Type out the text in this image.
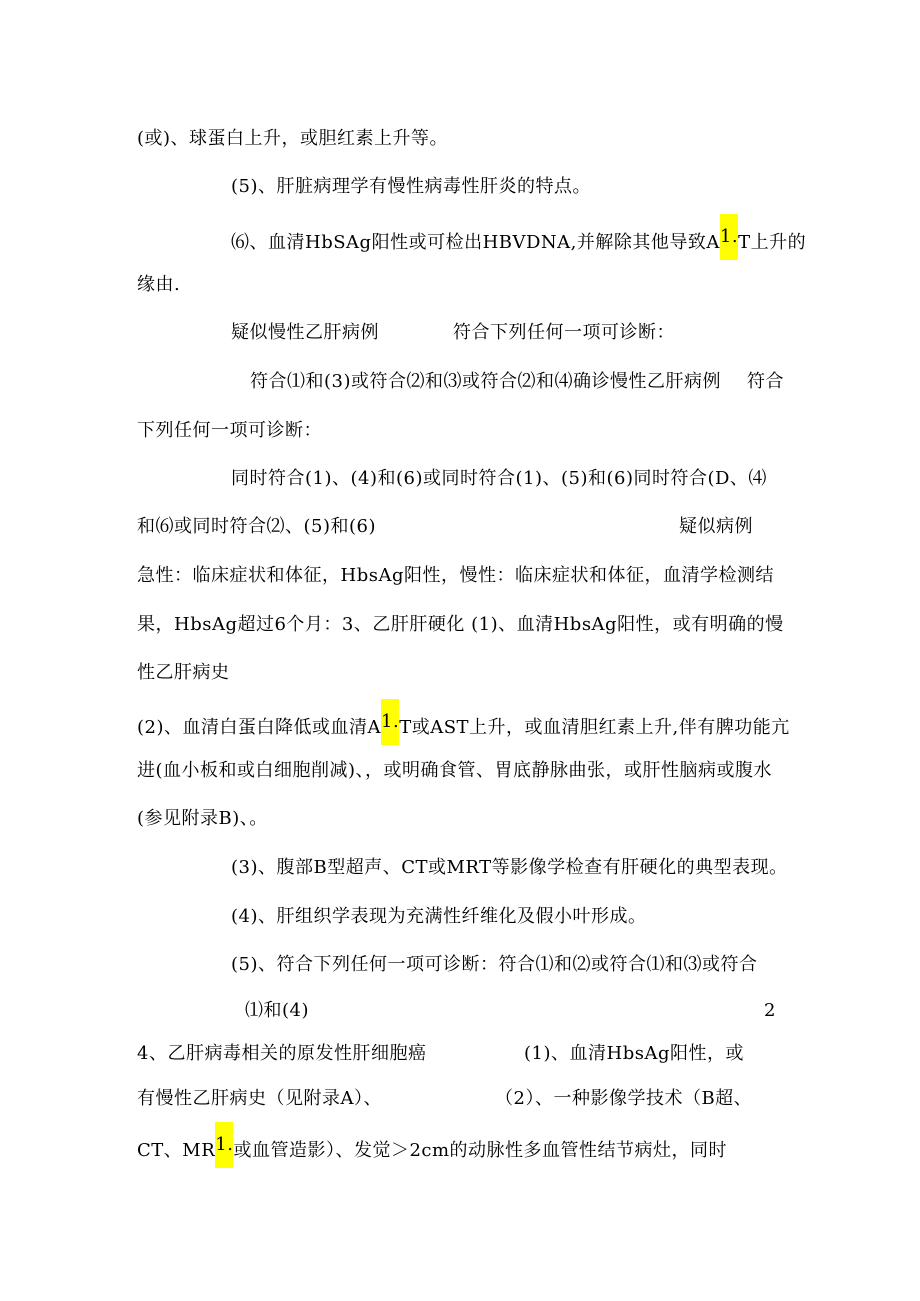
(或)、球蛋白上升，或胆红素上升等。
(5)、肝脏病理学有慢性病毒性肝炎的特点。
⑹、血清HbSAg阳性或可检出HBVDNA,并解除其他导致A1.T上升的
缘由.
疑似慢性乙肝病例	符合下列任何一项可诊断：
符合⑴和(3)或符合⑵和⑶或符合⑵和⑷确诊慢性乙肝病例 符合
下列任何一项可诊断：
同时符合(1)、(4)和(6)或同时符合(1)、(5)和(6)同时符合(D、⑷
和⑹或同时符合⑵、(5)和(6)	疑似病例
急性：临床症状和体征，HbsAg阳性，慢性：临床症状和体征，血清学检测结
果，HbsAg超过6个月：3、乙肝肝硬化 (1)、血清HbsAg阳性，或有明确的慢
性乙肝病史
(2)、血清白蛋白降低或血清A1.T或AST上升，或血清胆红素上升,伴有脾功能亢
进(血小板和或白细胞削减)、，或明确食管、胃底静脉曲张，或肝性脑病或腹水
(参见附录B)、。
(3)、腹部B型超声、CT或MRT等影像学检查有肝硬化的典型表现。
(4)、肝组织学表现为充满性纤维化及假小叶形成。
(5)、符合下列任何一项可诊断：符合⑴和⑵或符合⑴和⑶或符合
⑴和(4)	2
4、乙肝病毒相关的原发性肝细胞癌	(1)、血清HbsAg阳性，或
有慢性乙肝病史（见附录A）、	（2）、一种影像学技术（B超、
CT、MR1.或血管造影）、发觉＞2cm的动脉性多血管性结节病灶，同时
